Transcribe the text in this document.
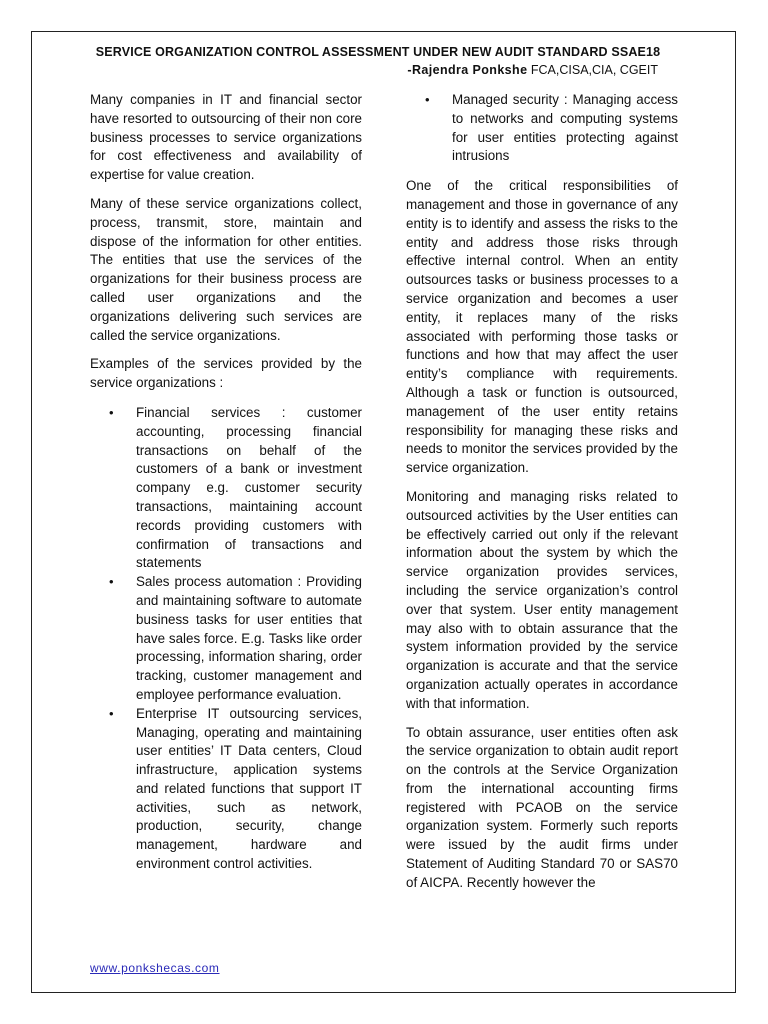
SERVICE ORGANIZATION CONTROL ASSESSMENT UNDER NEW AUDIT STANDARD SSAE18
-Rajendra Ponkshe FCA,CISA,CIA, CGEIT

Many companies in IT and financial sector have resorted to outsourcing of their non core business processes to service organizations for cost effectiveness and availability of expertise for value creation.

Many of these service organizations collect, process, transmit, store, maintain and dispose of the information for other entities. The entities that use the services of the organizations for their business process are called user organizations and the organizations delivering such services are called the service organizations.

Examples of the services provided by the service organizations :

• Financial services : customer accounting, processing financial transactions on behalf of the customers of a bank or investment company e.g. customer security transactions, maintaining account records providing customers with confirmation of transactions and statements
• Sales process automation : Providing and maintaining software to automate business tasks for user entities that have sales force. E.g. Tasks like order processing, information sharing, order tracking, customer management and employee performance evaluation.
• Enterprise IT outsourcing services, Managing, operating and maintaining user entities’ IT Data centers, Cloud infrastructure, application systems and related functions that support IT activities, such as network, production, security, change management, hardware and environment control activities.
• Managed security : Managing access to networks and computing systems for user entities protecting against intrusions

One of the critical responsibilities of management and those in governance of any entity is to identify and assess the risks to the entity and address those risks through effective internal control. When an entity outsources tasks or business processes to a service organization and becomes a user entity, it replaces many of the risks associated with performing those tasks or functions and how that may affect the user entity’s compliance with requirements. Although a task or function is outsourced, management of the user entity retains responsibility for managing these risks and needs to monitor the services provided by the service organization.

Monitoring and managing risks related to outsourced activities by the User entities can be effectively carried out only if the relevant information about the system by which the service organization provides services, including the service organization’s control over that system. User entity management may also with to obtain assurance that the system information provided by the service organization is accurate and that the service organization actually operates in accordance with that information.

To obtain assurance, user entities often ask the service organization to obtain audit report on the controls at the Service Organization from the international accounting firms registered with PCAOB on the service organization system. Formerly such reports were issued by the audit firms under Statement of Auditing Standard 70 or SAS70 of AICPA. Recently however the

www.ponkshecas.com
